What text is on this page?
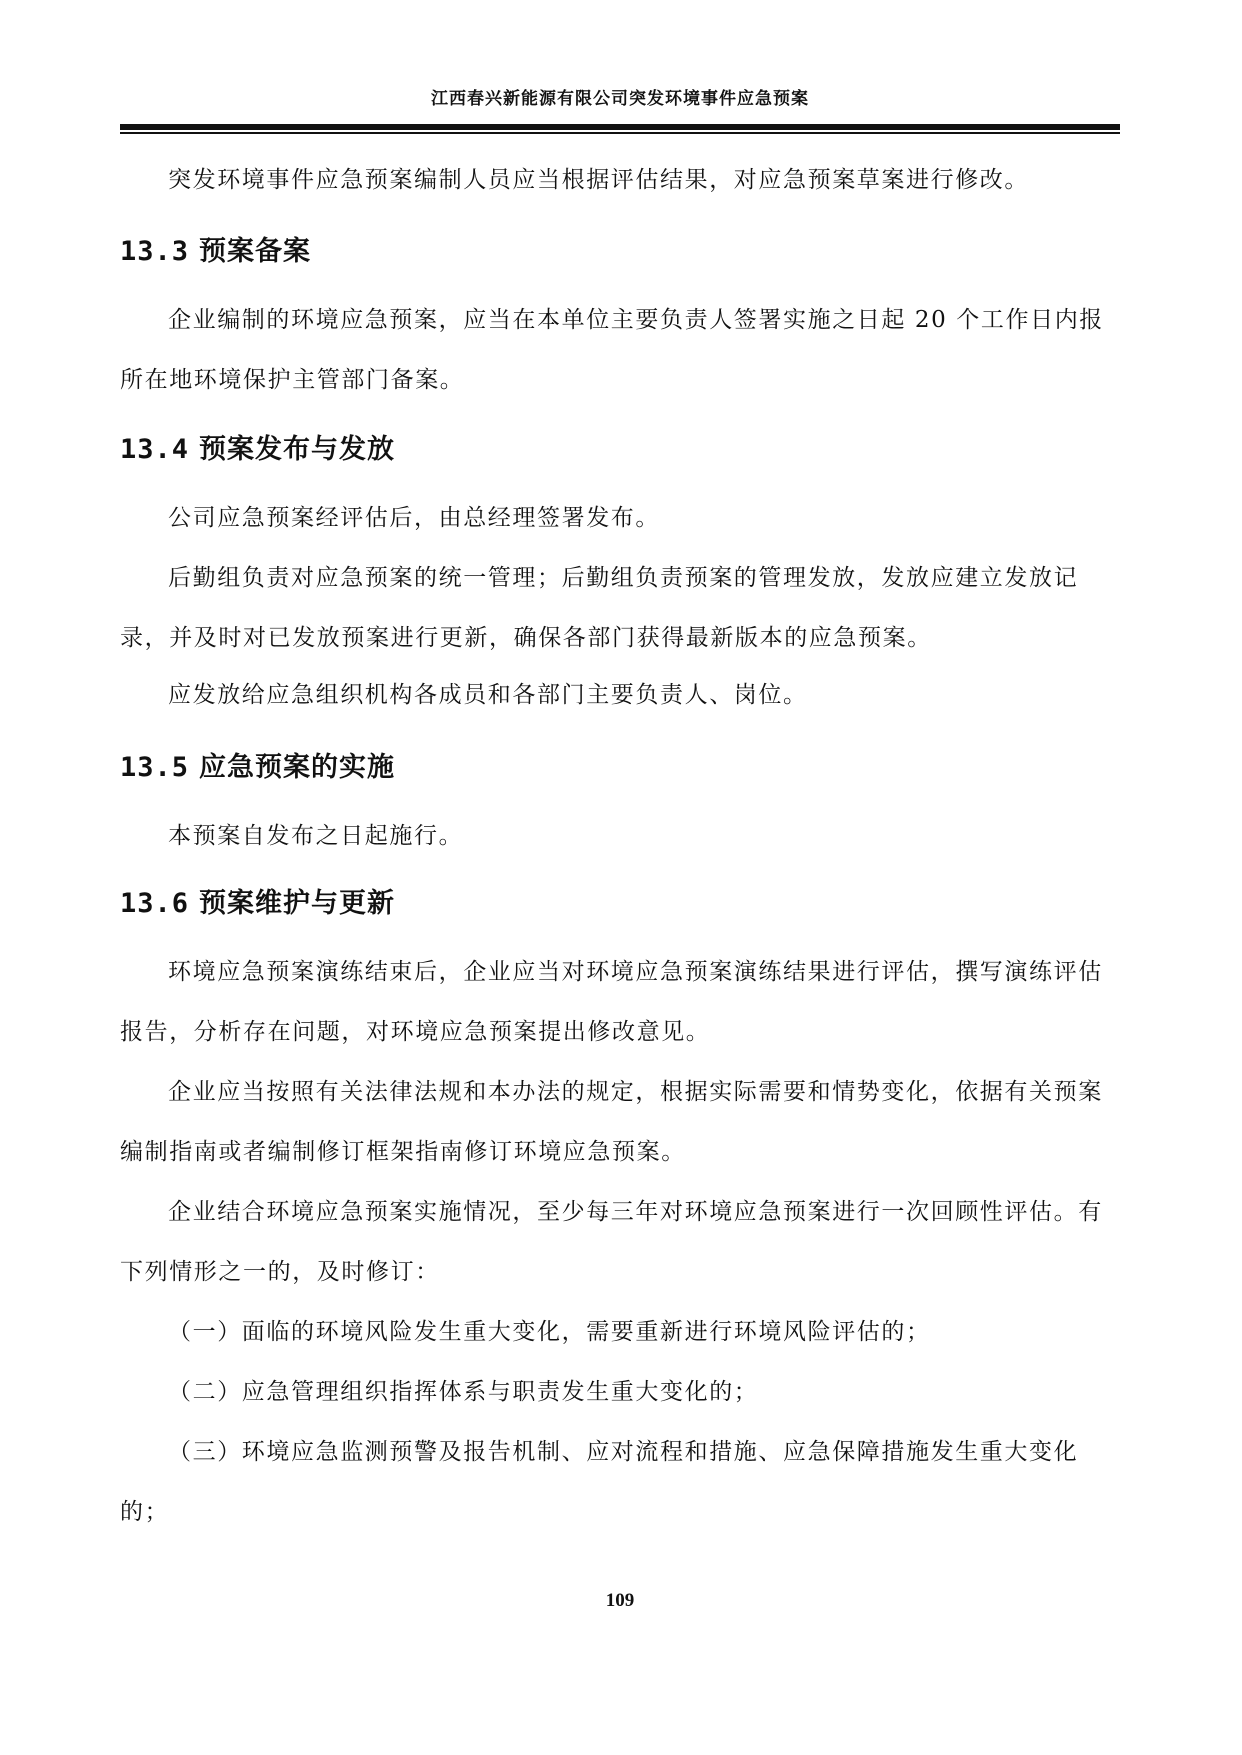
江西春兴新能源有限公司突发环境事件应急预案

突发环境事件应急预案编制人员应当根据评估结果，对应急预案草案进行修改。

13.3 预案备案

企业编制的环境应急预案，应当在本单位主要负责人签署实施之日起 20 个工作日内报所在地环境保护主管部门备案。

13.4 预案发布与发放

公司应急预案经评估后，由总经理签署发布。

后勤组负责对应急预案的统一管理；后勤组负责预案的管理发放，发放应建立发放记录，并及时对已发放预案进行更新，确保各部门获得最新版本的应急预案。

应发放给应急组织机构各成员和各部门主要负责人、岗位。

13.5 应急预案的实施

本预案自发布之日起施行。

13.6 预案维护与更新

环境应急预案演练结束后，企业应当对环境应急预案演练结果进行评估，撰写演练评估报告，分析存在问题，对环境应急预案提出修改意见。

企业应当按照有关法律法规和本办法的规定，根据实际需要和情势变化，依据有关预案编制指南或者编制修订框架指南修订环境应急预案。

企业结合环境应急预案实施情况，至少每三年对环境应急预案进行一次回顾性评估。有下列情形之一的，及时修订：

（一）面临的环境风险发生重大变化，需要重新进行环境风险评估的；

（二）应急管理组织指挥体系与职责发生重大变化的；

（三）环境应急监测预警及报告机制、应对流程和措施、应急保障措施发生重大变化的；

109
